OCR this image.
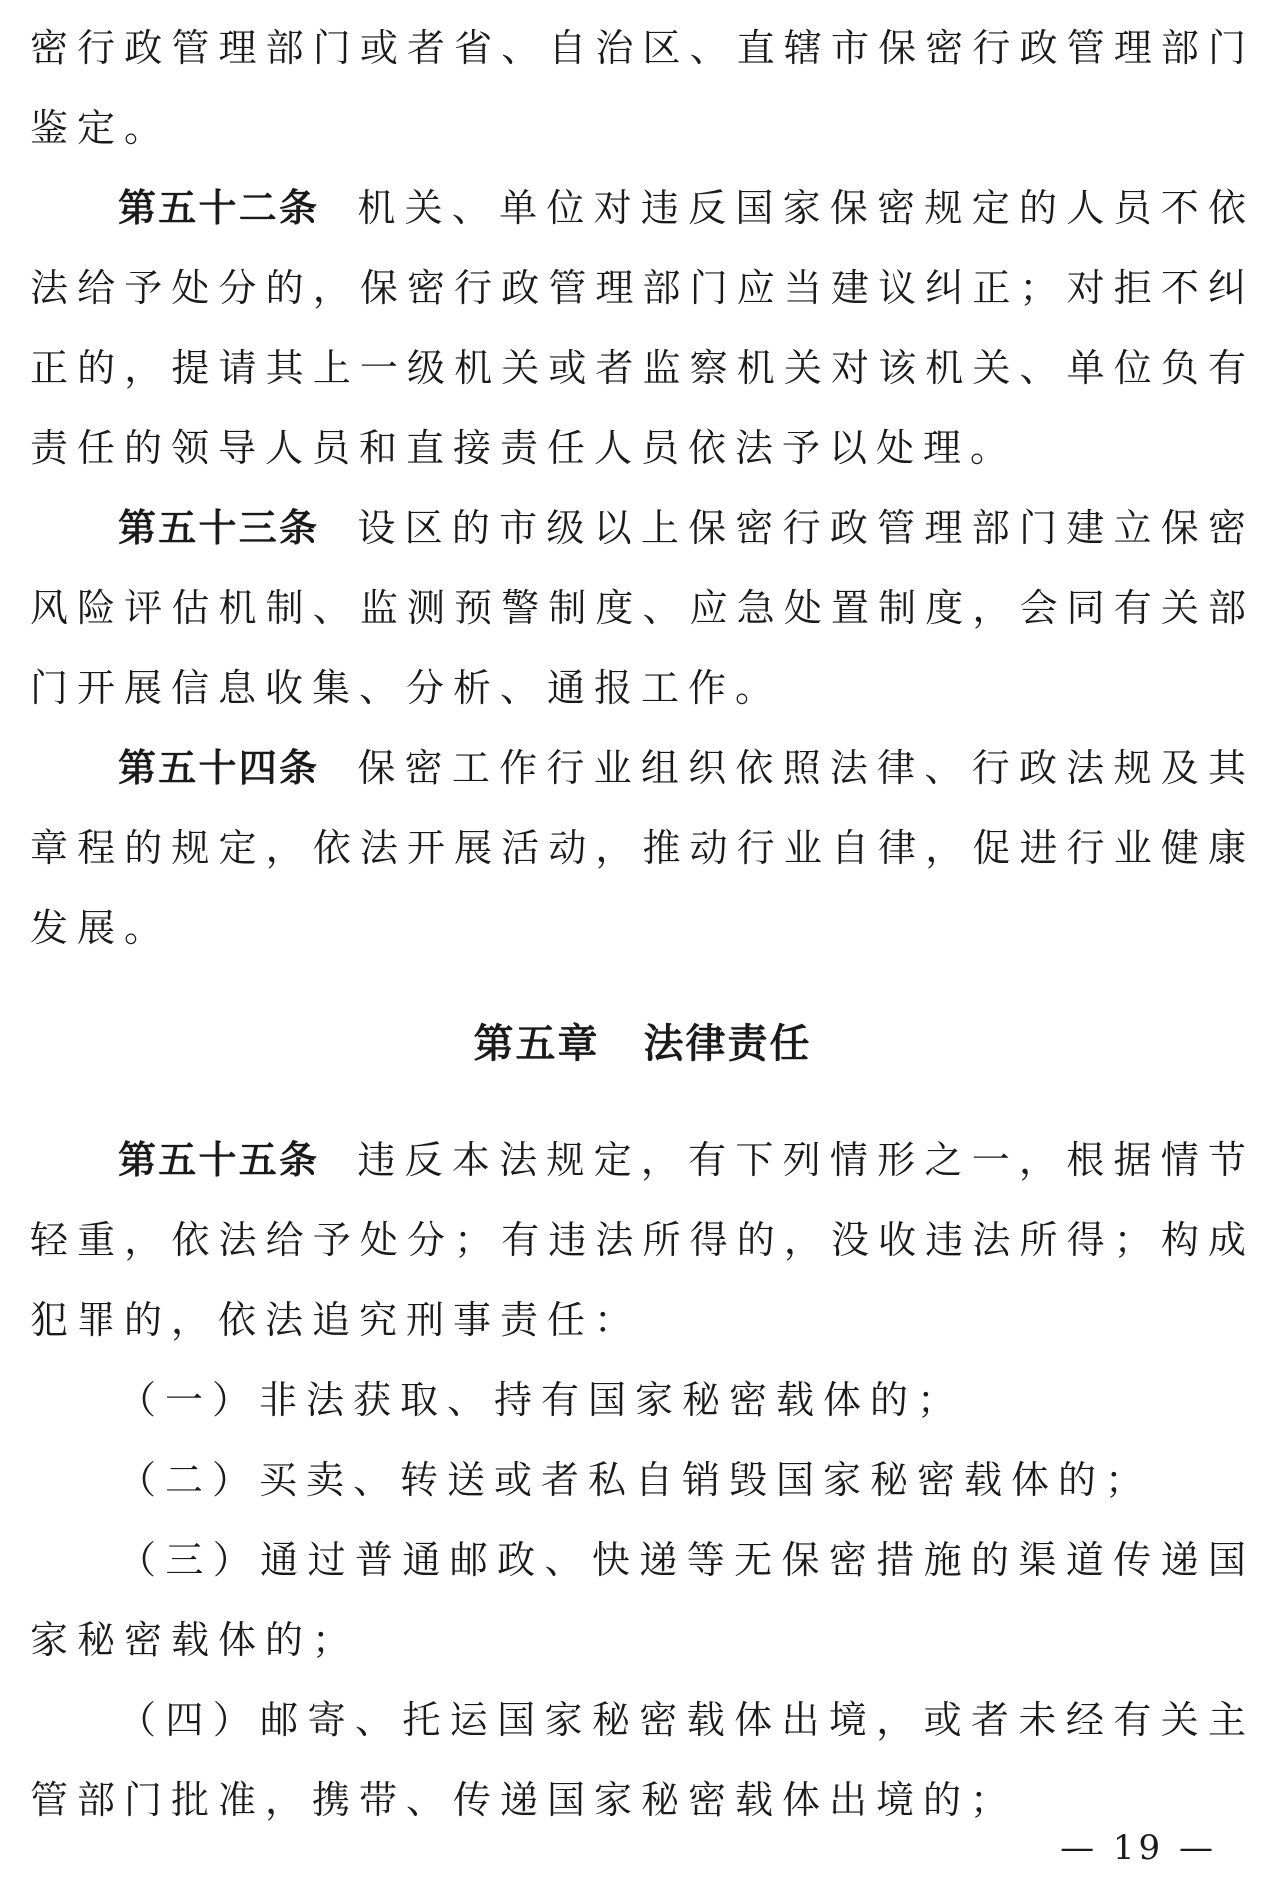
密行政管理部门或者省、自治区、直辖市保密行政管理部门鉴定。

第五十二条 机关、单位对违反国家保密规定的人员不依法给予处分的，保密行政管理部门应当建议纠正；对拒不纠正的，提请其上一级机关或者监察机关对该机关、单位负有责任的领导人员和直接责任人员依法予以处理。

第五十三条 设区的市级以上保密行政管理部门建立保密风险评估机制、监测预警制度、应急处置制度，会同有关部门开展信息收集、分析、通报工作。

第五十四条 保密工作行业组织依照法律、行政法规及其章程的规定，依法开展活动，推动行业自律，促进行业健康发展。

第五章 法律责任

第五十五条 违反本法规定，有下列情形之一，根据情节轻重，依法给予处分；有违法所得的，没收违法所得；构成犯罪的，依法追究刑事责任：

（一）非法获取、持有国家秘密载体的；

（二）买卖、转送或者私自销毁国家秘密载体的；

（三）通过普通邮政、快递等无保密措施的渠道传递国家秘密载体的；

（四）邮寄、托运国家秘密载体出境，或者未经有关主管部门批准，携带、传递国家秘密载体出境的；

— 19 —
